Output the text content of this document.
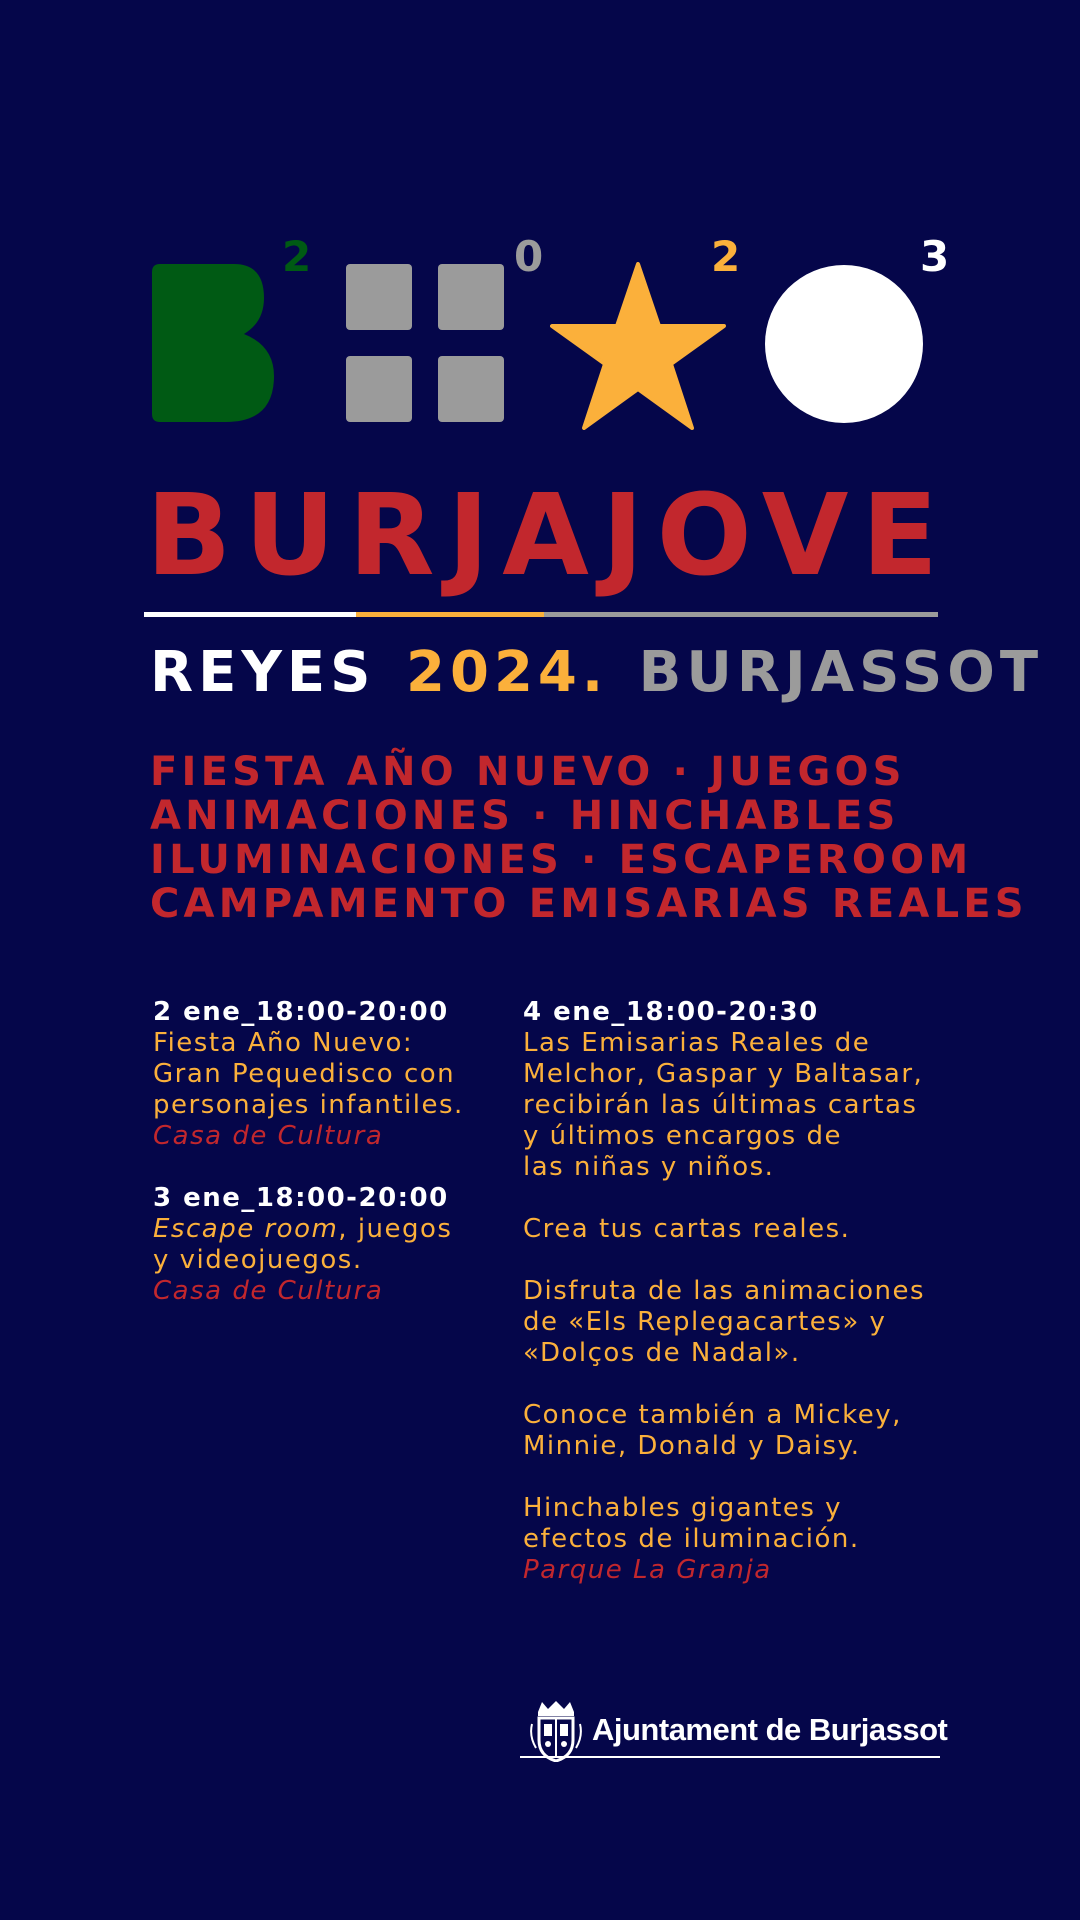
2	0	2	3
BURJAJOVE
REYES 2024. BURJASSOT
FIESTA AÑO NUEVO · JUEGOS
ANIMACIONES · HINCHABLES
ILUMINACIONES · ESCAPEROOM
CAMPAMENTO EMISARIAS REALES
2 ene_18:00-20:00
Fiesta Año Nuevo:
Gran Pequedisco con
personajes infantiles.
Casa de Cultura
3 ene_18:00-20:00
Escape room, juegos
y videojuegos.
Casa de Cultura
4 ene_18:00-20:30
Las Emisarias Reales de
Melchor, Gaspar y Baltasar,
recibirán las últimas cartas
y últimos encargos de
las niñas y niños.
Crea tus cartas reales.
Disfruta de las animaciones
de «Els Replegacartes» y
«Dolços de Nadal».
Conoce también a Mickey,
Minnie, Donald y Daisy.
Hinchables gigantes y
efectos de iluminación.
Parque La Granja
Ajuntament de Burjassot
